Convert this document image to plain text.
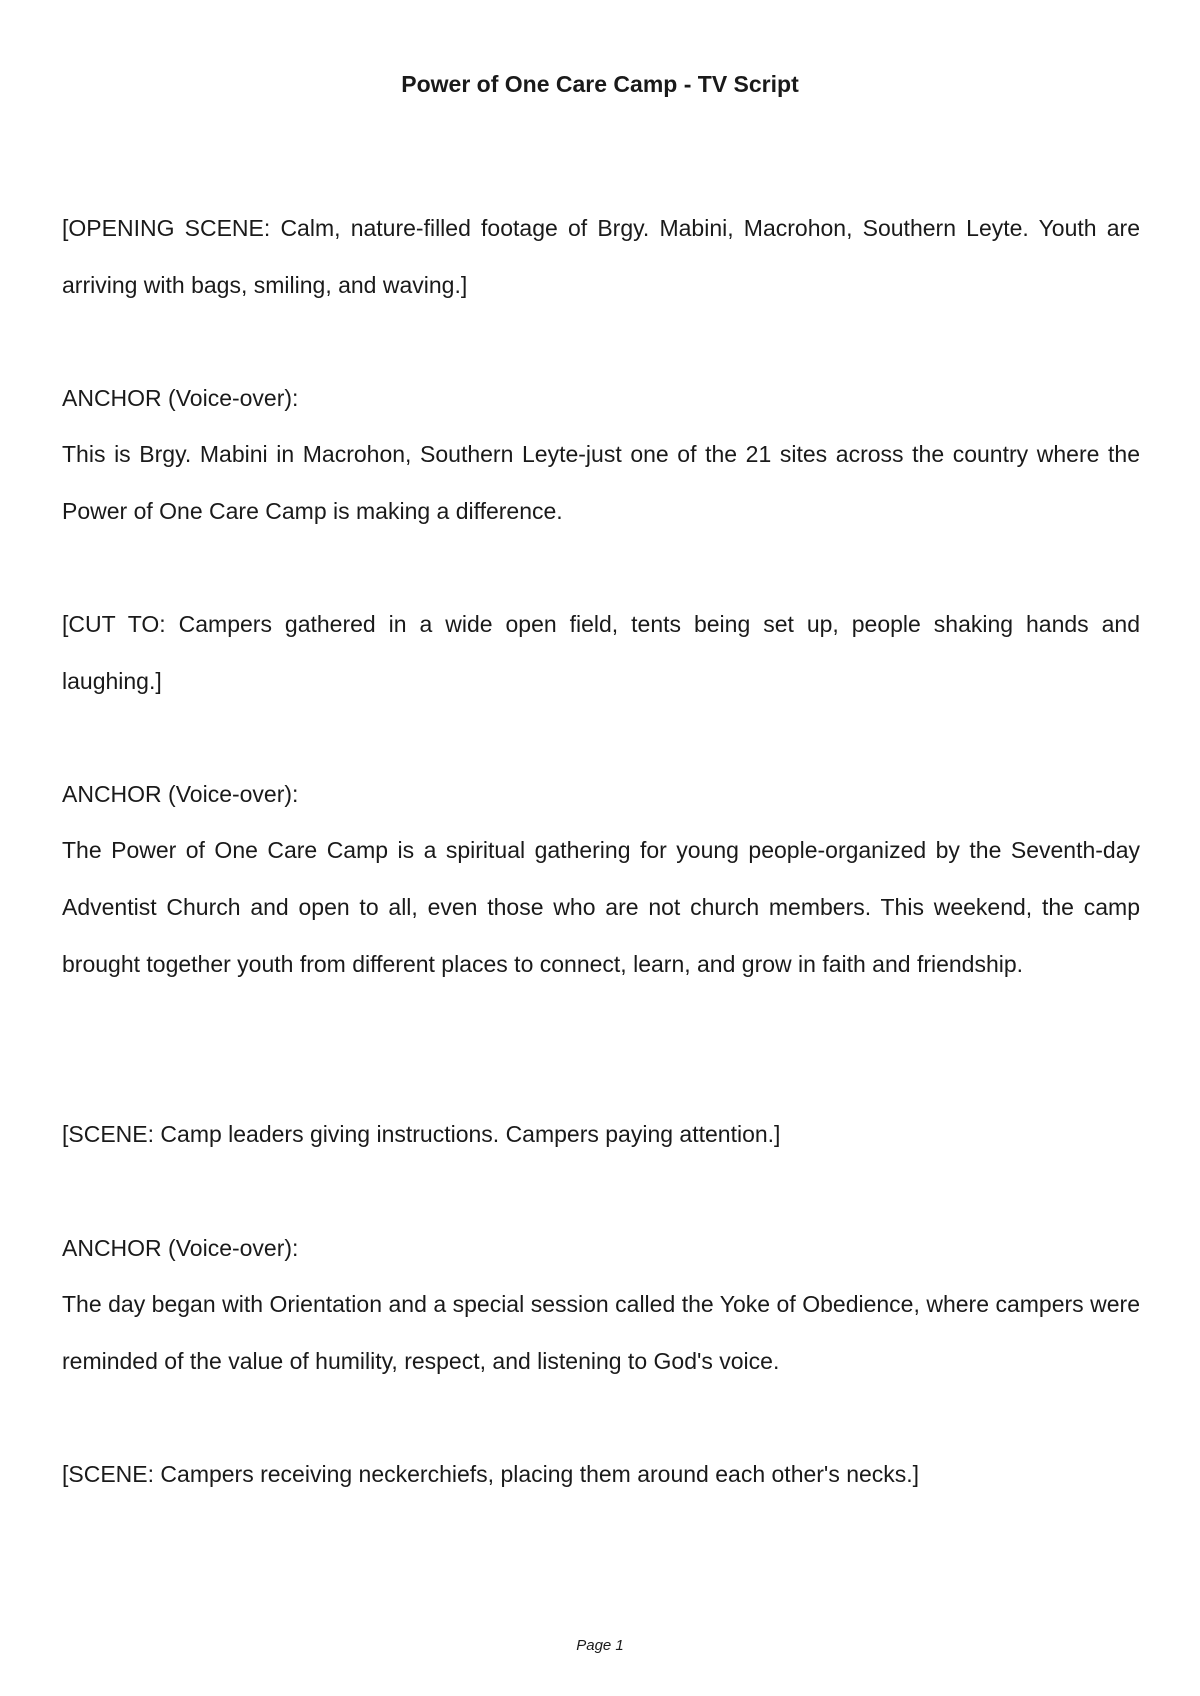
Power of One Care Camp - TV Script

[OPENING SCENE: Calm, nature-filled footage of Brgy. Mabini, Macrohon, Southern Leyte. Youth are arriving with bags, smiling, and waving.]

ANCHOR (Voice-over):

This is Brgy. Mabini in Macrohon, Southern Leyte-just one of the 21 sites across the country where the Power of One Care Camp is making a difference.

[CUT TO: Campers gathered in a wide open field, tents being set up, people shaking hands and laughing.]

ANCHOR (Voice-over):

The Power of One Care Camp is a spiritual gathering for young people-organized by the Seventh-day Adventist Church and open to all, even those who are not church members. This weekend, the camp brought together youth from different places to connect, learn, and grow in faith and friendship.

[SCENE: Camp leaders giving instructions. Campers paying attention.]

ANCHOR (Voice-over):

The day began with Orientation and a special session called the Yoke of Obedience, where campers were reminded of the value of humility, respect, and listening to God's voice.

[SCENE: Campers receiving neckerchiefs, placing them around each other's necks.]

Page 1
